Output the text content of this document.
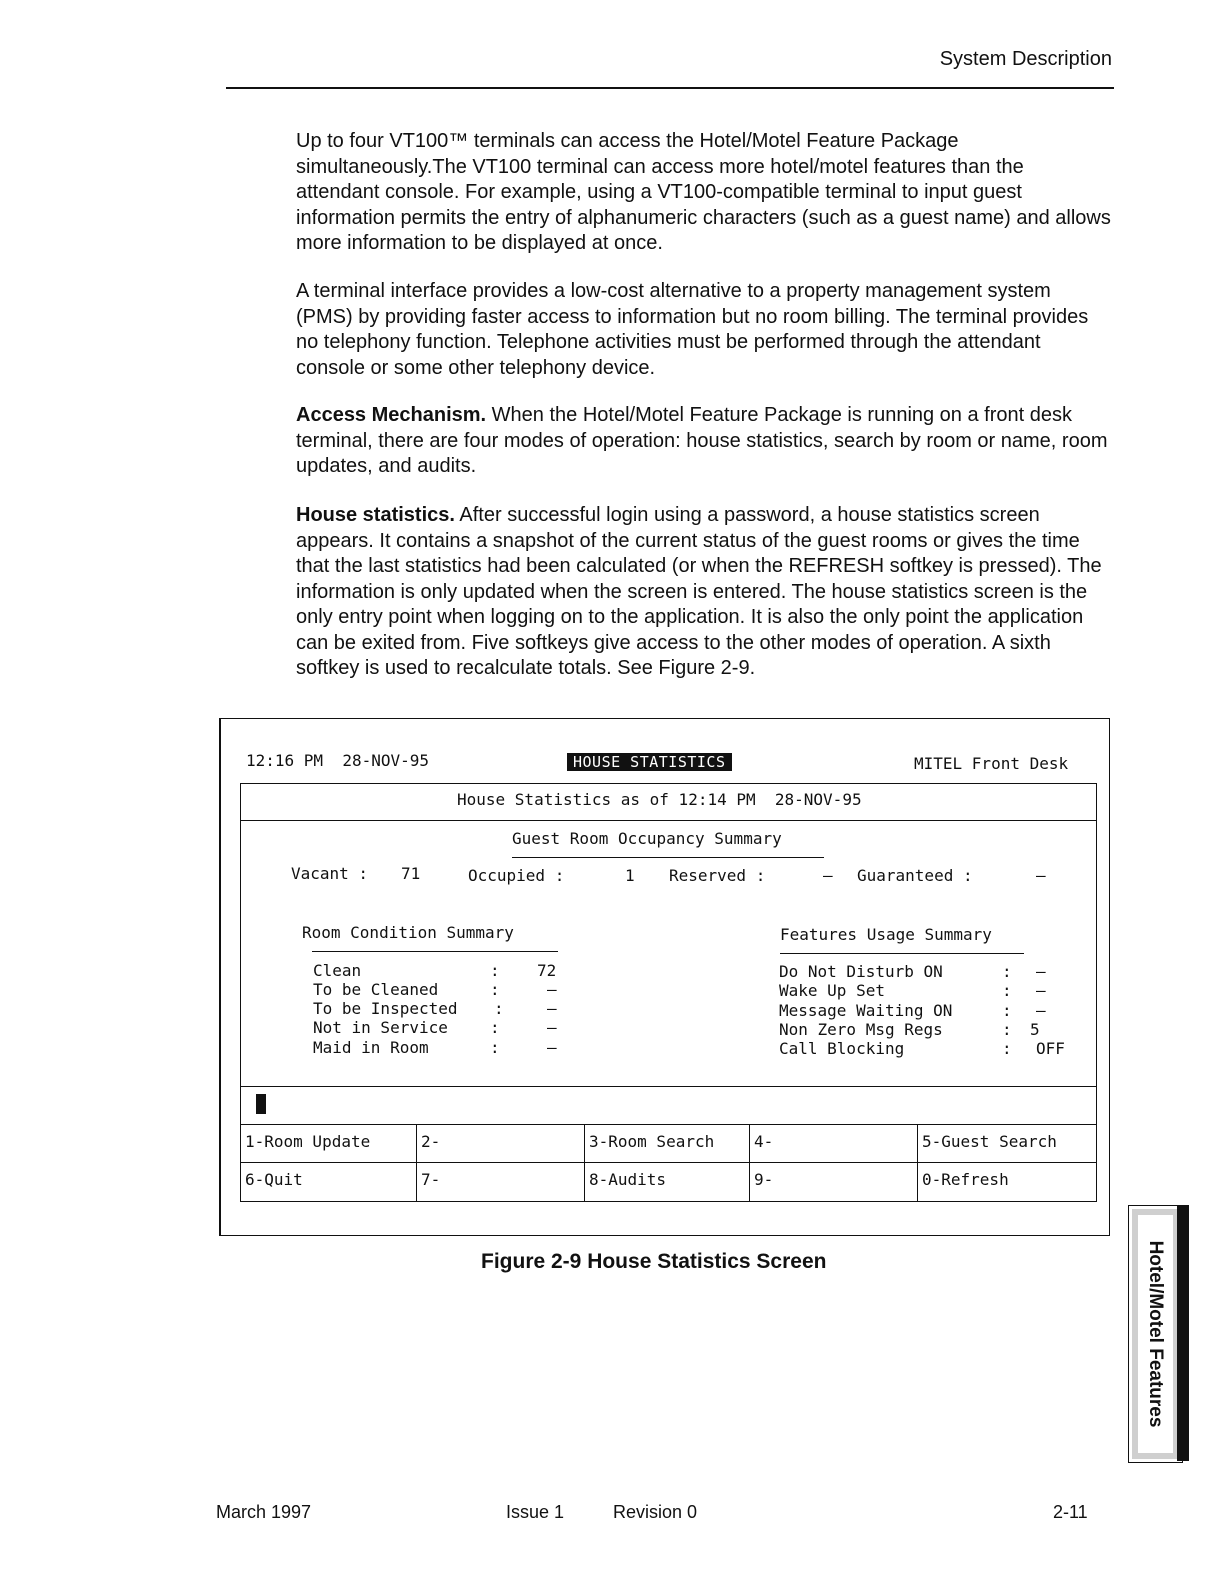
System Description

Up to four VT100™ terminals can access the Hotel/Motel Feature Package simultaneously.The VT100 terminal can access more hotel/motel features than the attendant console. For example, using a VT100-compatible terminal to input guest information permits the entry of alphanumeric characters (such as a guest name) and allows more information to be displayed at once.

A terminal interface provides a low-cost alternative to a property management system (PMS) by providing faster access to information but no room billing. The terminal provides no telephony function. Telephone activities must be performed through the attendant console or some other telephony device.

Access Mechanism. When the Hotel/Motel Feature Package is running on a front desk terminal, there are four modes of operation: house statistics, search by room or name, room updates, and audits.

House statistics. After successful login using a password, a house statistics screen appears. It contains a snapshot of the current status of the guest rooms or gives the time that the last statistics had been calculated (or when the REFRESH softkey is pressed). The information is only updated when the screen is entered. The house statistics screen is the only entry point when logging on to the application. It is also the only point the application can be exited from. Five softkeys give access to the other modes of operation. A sixth softkey is used to recalculate totals. See Figure 2-9.

12:16 PM  28-NOV-95	HOUSE STATISTICS	MITEL Front Desk
House Statistics as of 12:14 PM  28-NOV-95
Guest Room Occupancy Summary
Vacant : 71	Occupied :	1 Reserved :	– Guaranteed :	–
Room Condition Summary
Clean	: 72
To be Cleaned	:	–
To be Inspected :	–
Not in Service	:	–
Maid in Room	:	–
Features Usage Summary
Do Not Disturb ON	: –
Wake Up Set	: –
Message Waiting ON	: –
Non Zero Msg Regs	: 5
Call Blocking	: OFF
1-Room Update	2-	3-Room Search	4-	5-Guest Search
6-Quit	7-	8-Audits	9-	0-Refresh
Figure 2-9 House Statistics Screen	Hotel/Motel Features
March 1997	Issue 1	Revision 0	2-11
